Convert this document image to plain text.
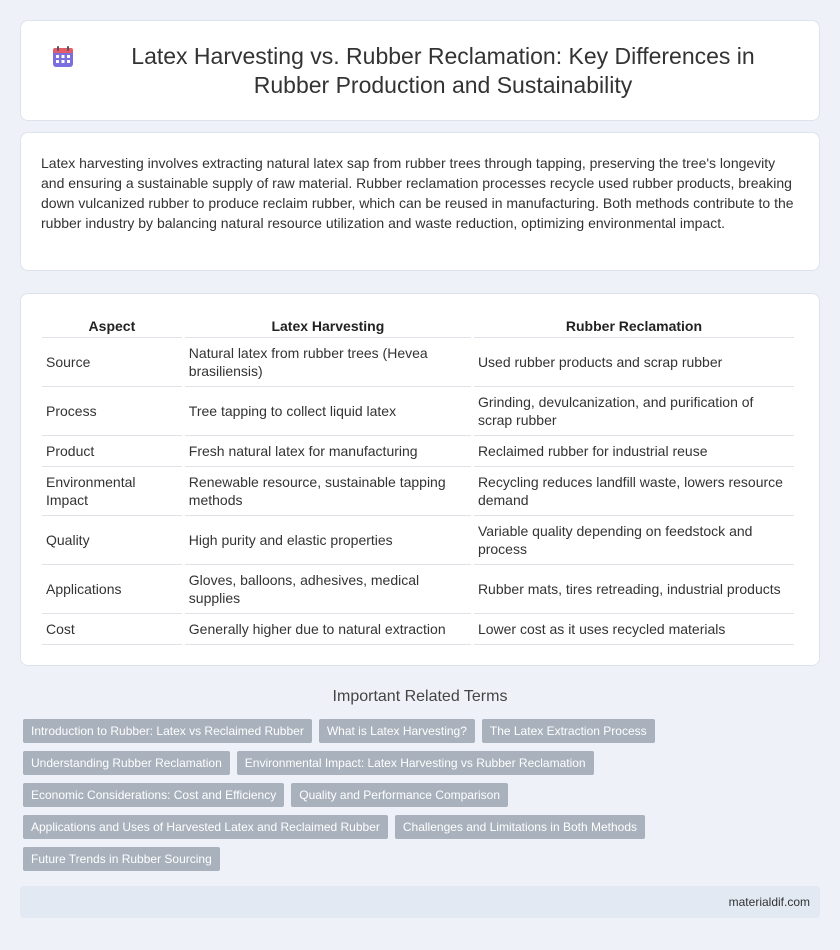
Latex Harvesting vs. Rubber Reclamation: Key Differences in Rubber Production and Sustainability

Latex harvesting involves extracting natural latex sap from rubber trees through tapping, preserving the tree's longevity and ensuring a sustainable supply of raw material. Rubber reclamation processes recycle used rubber products, breaking down vulcanized rubber to produce reclaim rubber, which can be reused in manufacturing. Both methods contribute to the rubber industry by balancing natural resource utilization and waste reduction, optimizing environmental impact.

Aspect	Latex Harvesting	Rubber Reclamation
Source	Natural latex from rubber trees (Hevea brasiliensis)	Used rubber products and scrap rubber
Process	Tree tapping to collect liquid latex	Grinding, devulcanization, and purification of scrap rubber
Product	Fresh natural latex for manufacturing	Reclaimed rubber for industrial reuse
Environmental Impact	Renewable resource, sustainable tapping methods	Recycling reduces landfill waste, lowers resource demand
Quality	High purity and elastic properties	Variable quality depending on feedstock and process
Applications	Gloves, balloons, adhesives, medical supplies	Rubber mats, tires retreading, industrial products
Cost	Generally higher due to natural extraction	Lower cost as it uses recycled materials
Important Related Terms
Introduction to Rubber: Latex vs Reclaimed Rubber	What is Latex Harvesting?	The Latex Extraction Process
Understanding Rubber Reclamation	Environmental Impact: Latex Harvesting vs Rubber Reclamation
Economic Considerations: Cost and Efficiency	Quality and Performance Comparison
Applications and Uses of Harvested Latex and Reclaimed Rubber	Challenges and Limitations in Both Methods
Future Trends in Rubber Sourcing
materialdif.com
